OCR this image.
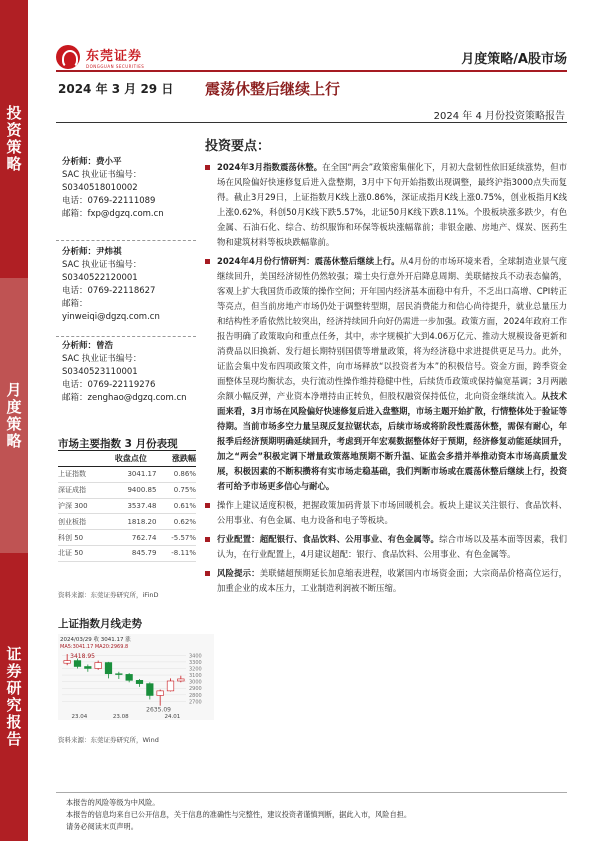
投资策略
月度策略
证券研究报告
东莞证券
DONGGUAN SECURITIES	月度策略/A股市场
2024 年 3 月 29 日 震荡休整后继续上行
2024 年 4 月份投资策略报告
分析师：费小平
SAC 执业证书编号：
S0340518010002
电话：0769-22111089
邮箱：fxp@dgzq.com.cn
分析师：尹炜祺
SAC 执业证书编号：
S0340522120001
电话：0769-22118627
邮箱：
yinweiqi@dgzq.com.cn
分析师：曾浩
SAC 执业证书编号：
S0340523110001
电话：0769-22119276
邮箱：zenghao@dgzq.com.cn
市场主要指数 3 月份表现
	收盘点位	涨跌幅
上证指数	3041.17	0.86%
深证成指	9400.85	0.75%
沪深 300	3537.48	0.61%
创业板指	1818.20	0.62%
科创 50	762.74	-5.57%
北证 50	845.79	-8.11%
资料来源：东莞证券研究所，iFinD
上证指数月线走势
2024/03/29 收 3041.17 涨
MA5:3041.17 MA20:2969.8
3400
3300
3200
3100
3000
2900
2800
2700
23.04	23.08	24.01
3418.95
2635.09
资料来源：东莞证券研究所，Wind
投资要点：
2024年3月指数震荡休整。在全国“两会”政策密集催化下，月初大盘韧性依旧延续涨势，但市场在风险偏好快速修复后进入盘整期，3月中下旬开始指数出现调整，最终沪指3000点失而复得。截止3月29日，上证指数月K线上涨0.86%，深证成指月K线上涨0.75%，创业板指月K线上涨0.62%，科创50月K线下跌5.57%，北证50月K线下跌8.11%。个股板块涨多跌少，有色金属、石油石化、综合、纺织服饰和环保等板块涨幅靠前；非银金融、房地产、煤炭、医药生物和建筑材料等板块跌幅靠前。
2024年4月份行情研判：震荡休整后继续上行。从4月份的市场环境来看，全球制造业景气度继续回升，美国经济韧性仍然较强；瑞士央行意外开启降息周期、美联储按兵不动表态偏鸽，客观上扩大我国货币政策的操作空间；开年国内经济基本面稳中有升，不乏出口高增、CPI转正等亮点，但当前房地产市场仍处于调整转型期，居民消费能力和信心尚待提升，就业总量压力和结构性矛盾依然比较突出，经济持续回升向好仍需进一步加强。政策方面，2024年政府工作报告明确了政策取向和重点任务，其中，赤字规模扩大到4.06万亿元、推动大规模设备更新和消费品以旧换新、发行超长期特别国债等增量政策，将为经济稳中求进提供更足马力。此外，证监会集中发布四项政策文件，向市场释放“以投资者为本”的积极信号。资金方面，跨季资金面整体呈现均衡状态，央行流动性操作维持稳健中性，后续货币政策或保持偏宽基调；3月两融余额小幅反弹，产业资本净增持由正转负，但股权融资保持低位，北向资金继续流入。从技术面来看，3月市场在风险偏好快速修复后进入盘整期，市场主题开始扩散，行情整体处于验证等待期。当前市场多空力量呈现反复拉锯状态，后续市场或将阶段性震荡休整，需保有耐心，年报季后经济预期明确延续回升，考虑到开年宏观数据整体好于预期，经济修复动能延续回升，加之“两会”积极定调下增量政策落地预期不断升温、证监会多措并举推动资本市场高质量发展，积极因素的不断积攒将有实市场走稳基础，我们判断市场或在震荡休整后继续上行，投资者可给予市场更多信心与耐心。
操作上建议适度积极，把握政策加码背景下市场回暖机会。板块上建议关注银行、食品饮料、公用事业、有色金属、电力设备和电子等板块。
行业配置：超配银行、食品饮料、公用事业、有色金属等。综合市场以及基本面等因素，我们认为，在行业配置上，4月建议超配：银行、食品饮料、公用事业、有色金属等。
风险提示：美联储超预期延长加息缩表进程，收紧国内市场资金面；大宗商品价格高位运行，加重企业的成本压力，工业制造利润被不断压缩。
本报告的风险等级为中风险。
本报告的信息均来自已公开信息，关于信息的准确性与完整性，建议投资者谨慎判断，据此入市，风险自担。
请务必阅读末页声明。
